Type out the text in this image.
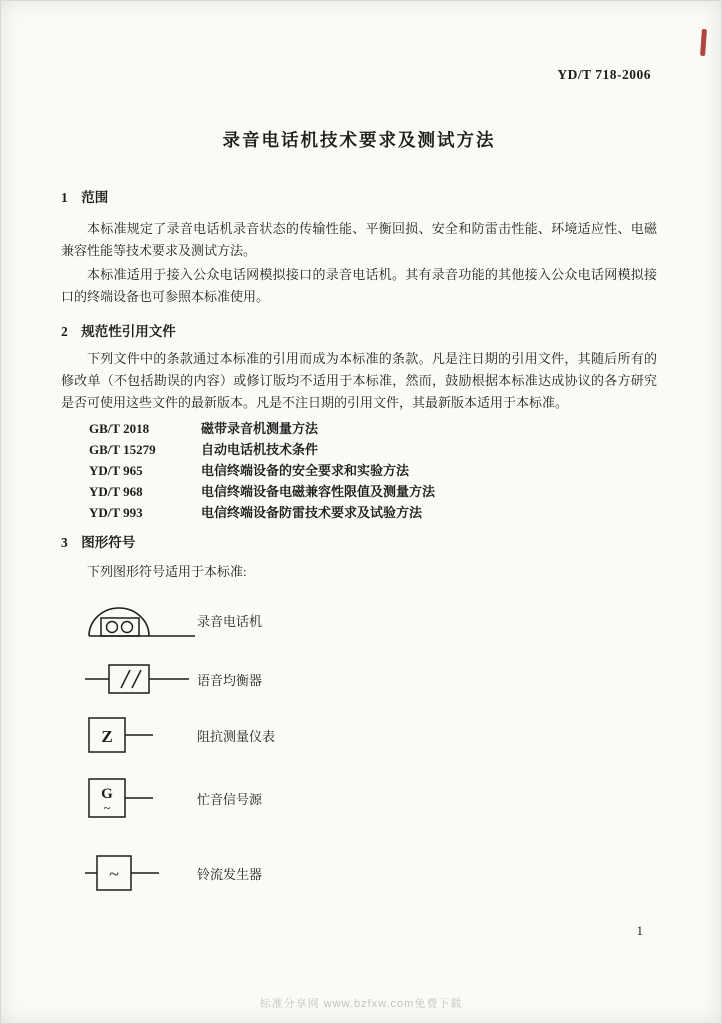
YD/T 718-2006
录音电话机技术要求及测试方法
1　范围

本标准规定了录音电话机录音状态的传输性能、平衡回损、安全和防雷击性能、环境适应性、电磁兼容性能等技术要求及测试方法。

本标准适用于接入公众电话网模拟接口的录音电话机。其有录音功能的其他接入公众电话网模拟接口的终端设备也可参照本标准使用。

2　规范性引用文件

下列文件中的条款通过本标准的引用而成为本标准的条款。凡是注日期的引用文件，其随后所有的修改单（不包括勘误的内容）或修订版均不适用于本标准，然而，鼓励根据本标准达成协议的各方研究是否可使用这些文件的最新版本。凡是不注日期的引用文件，其最新版本适用于本标准。

GB/T 2018	磁带录音机测量方法
GB/T 15279	自动电话机技术条件
YD/T 965	电信终端设备的安全要求和实验方法
YD/T 968	电信终端设备电磁兼容性限值及测量方法
YD/T 993	电信终端设备防雷技术要求及试验方法
3　图形符号

下列图形符号适用于本标准:

录音电话机
语音均衡器
Z	阻抗测量仪表
G
~
忙音信号源
~	铃流发生器
1
标准分享网 www.bzfxw.com免费下载
